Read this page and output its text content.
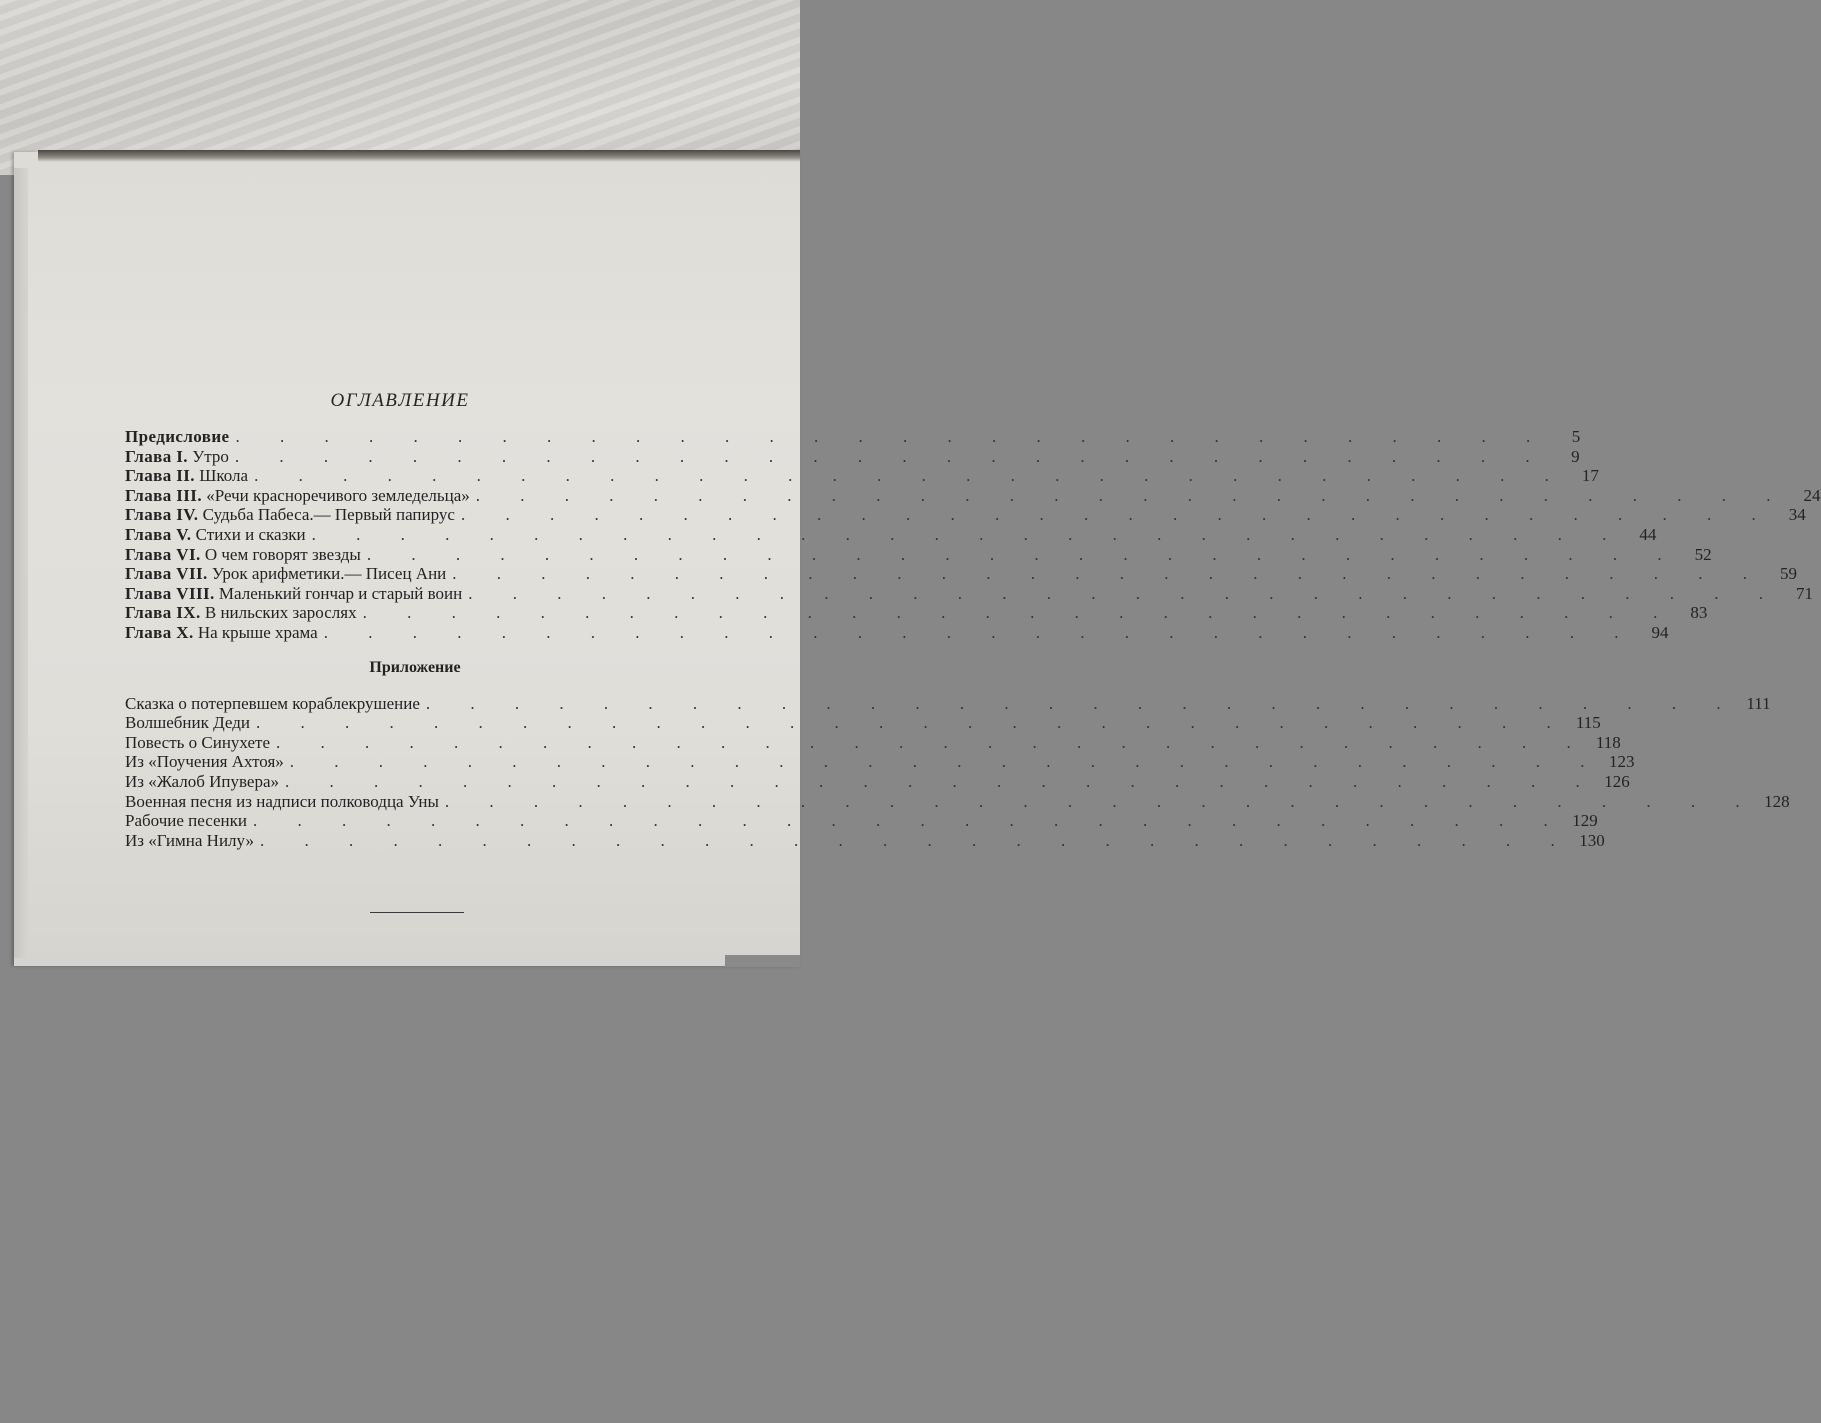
ОГЛАВЛЕНИЕ
Предисловие . . . . . . . . . . . . . . . . . . . . . . . . . . . . . .	5
Глава I. Утро . . . . . . . . . . . . . . . . . . . . . . . . . . . . . .	9
Глава II. Школа . . . . . . . . . . . . . . . . . . . . . . . . . . . . . . 17
Глава III. «Речи красноречивого земледельца» . . . . . . . . . . . . . . . . . . . . . . . . . . . . . . 24
Глава IV. Судьба Пабеса.— Первый папирус . . . . . . . . . . . . . . . . . . . . . . . . . . . . . . 34
Глава V. Стихи и сказки . . . . . . . . . . . . . . . . . . . . . . . . . . . . . . 44
Глава VI. О чем говорят звезды . . . . . . . . . . . . . . . . . . . . . . . . . . . . . . 52
Глава VII. Урок арифметики.— Писец Ани . . . . . . . . . . . . . . . . . . . . . . . . . . . . . . 59
Глава VIII. Маленький гончар и старый воин . . . . . . . . . . . . . . . . . . . . . . . . . . . . . . 71
Глава IX. В нильских зарослях . . . . . . . . . . . . . . . . . . . . . . . . . . . . . . 83
Глава X. На крыше храма . . . . . . . . . . . . . . . . . . . . . . . . . . . . . . 94
Приложение
Сказка о потерпевшем кораблекрушение . . . . . . . . . . . . . . . . . . . . . . . . . . . . . . 111
Волшебник Деди . . . . . . . . . . . . . . . . . . . . . . . . . . . . . . 115
Повесть о Синухете . . . . . . . . . . . . . . . . . . . . . . . . . . . . . . 118
Из «Поучения Ахтоя» . . . . . . . . . . . . . . . . . . . . . . . . . . . . . . 123
Из «Жалоб Ипувера» . . . . . . . . . . . . . . . . . . . . . . . . . . . . . . 126
Военная песня из надписи полководца Уны . . . . . . . . . . . . . . . . . . . . . . . . . . . . . . 128
Рабочие песенки . . . . . . . . . . . . . . . . . . . . . . . . . . . . . . 129
Из «Гимна Нилу» . . . . . . . . . . . . . . . . . . . . . . . . . . . . . . 130
